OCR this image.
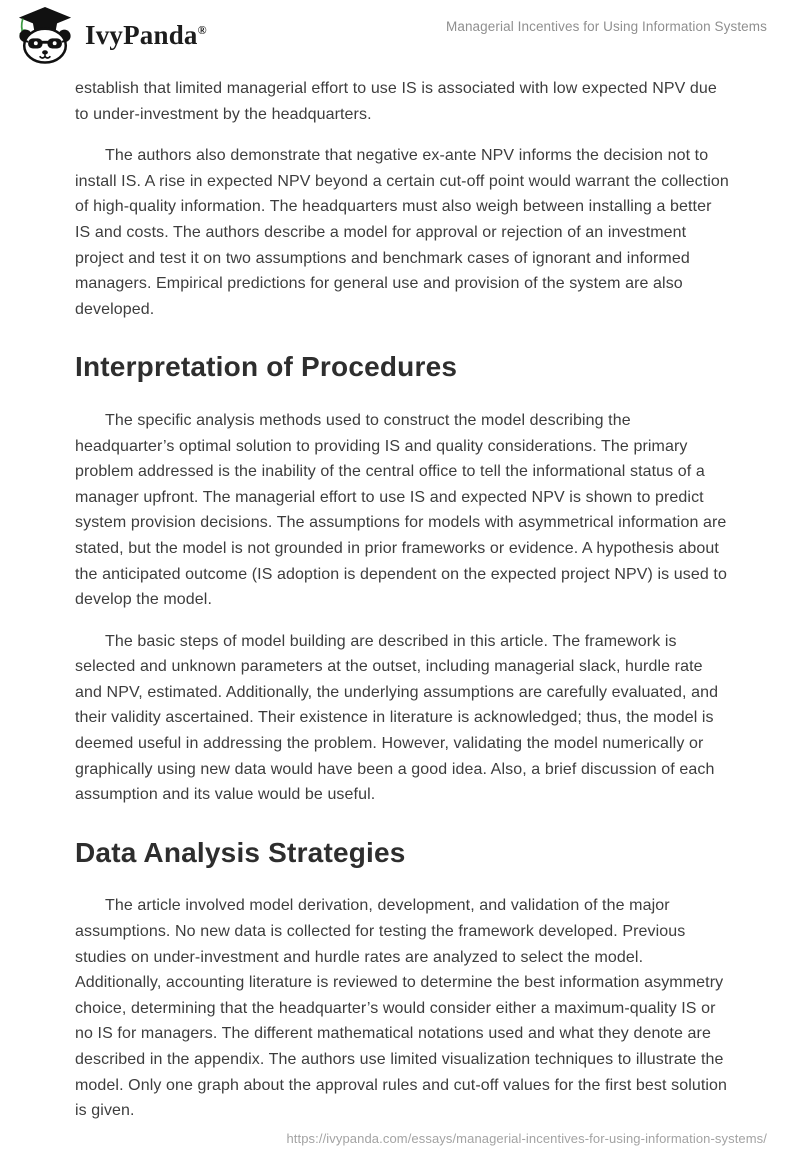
IvyPanda®	Managerial Incentives for Using Information Systems

establish that limited managerial effort to use IS is associated with low expected NPV due to under-investment by the headquarters.

The authors also demonstrate that negative ex-ante NPV informs the decision not to install IS. A rise in expected NPV beyond a certain cut-off point would warrant the collection of high-quality information. The headquarters must also weigh between installing a better IS and costs. The authors describe a model for approval or rejection of an investment project and test it on two assumptions and benchmark cases of ignorant and informed managers. Empirical predictions for general use and provision of the system are also developed.

Interpretation of Procedures

The specific analysis methods used to construct the model describing the headquarter’s optimal solution to providing IS and quality considerations. The primary problem addressed is the inability of the central office to tell the informational status of a manager upfront. The managerial effort to use IS and expected NPV is shown to predict system provision decisions. The assumptions for models with asymmetrical information are stated, but the model is not grounded in prior frameworks or evidence. A hypothesis about the anticipated outcome (IS adoption is dependent on the expected project NPV) is used to develop the model.

The basic steps of model building are described in this article. The framework is selected and unknown parameters at the outset, including managerial slack, hurdle rate and NPV, estimated. Additionally, the underlying assumptions are carefully evaluated, and their validity ascertained. Their existence in literature is acknowledged; thus, the model is deemed useful in addressing the problem. However, validating the model numerically or graphically using new data would have been a good idea. Also, a brief discussion of each assumption and its value would be useful.

Data Analysis Strategies

The article involved model derivation, development, and validation of the major assumptions. No new data is collected for testing the framework developed. Previous studies on under-investment and hurdle rates are analyzed to select the model. Additionally, accounting literature is reviewed to determine the best information asymmetry choice, determining that the headquarter’s would consider either a maximum-quality IS or no IS for managers. The different mathematical notations used and what they denote are described in the appendix. The authors use limited visualization techniques to illustrate the model. Only one graph about the approval rules and cut-off values for the first best solution is given.

https://ivypanda.com/essays/managerial-incentives-for-using-information-systems/
